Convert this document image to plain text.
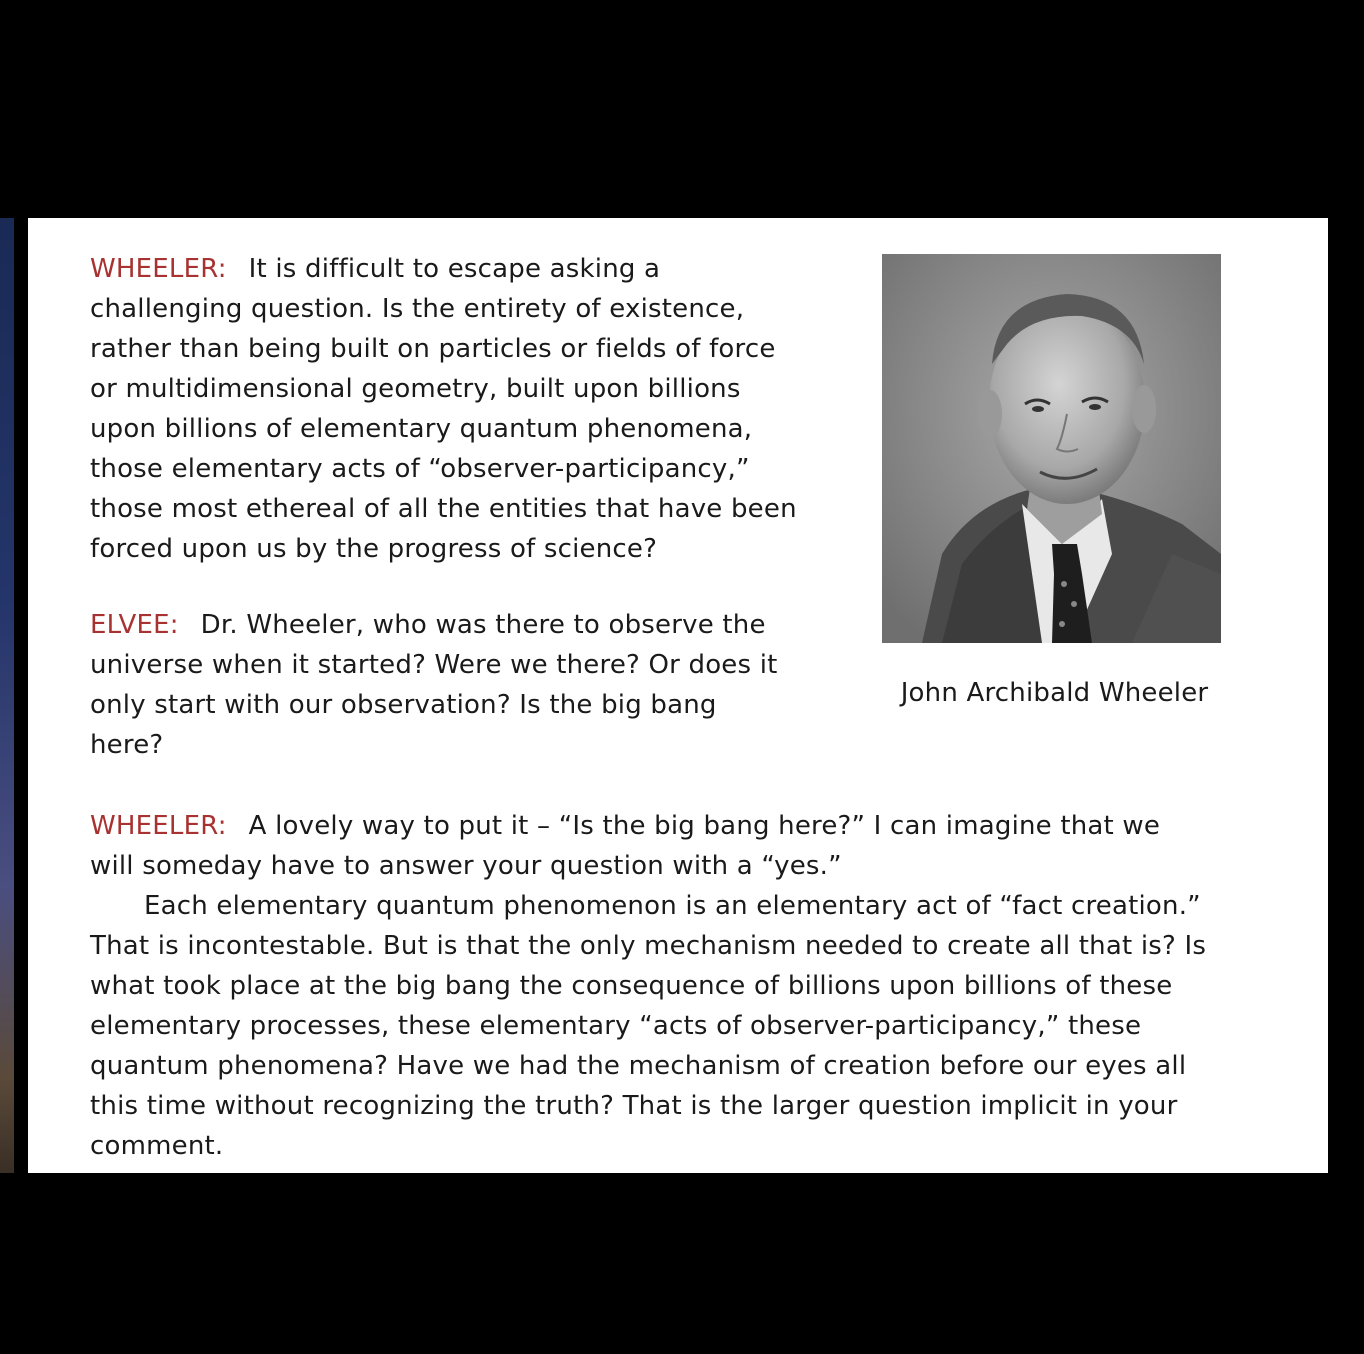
WHEELER: It is difficult to escape asking a
challenging question. Is the entirety of existence,
rather than being built on particles or fields of force
or multidimensional geometry, built upon billions
upon billions of elementary quantum phenomena,
those elementary acts of “observer-participancy,”
those most ethereal of all the entities that have been
forced upon us by the progress of science?
ELVEE: Dr. Wheeler, who was there to observe the
universe when it started? Were we there? Or does it
only start with our observation? Is the big bang
here?
WHEELER: A lovely way to put it – “Is the big bang here?” I can imagine that we
will someday have to answer your question with a “yes.”
Each elementary quantum phenomenon is an elementary act of “fact creation.”
That is incontestable. But is that the only mechanism needed to create all that is? Is
what took place at the big bang the consequence of billions upon billions of these
elementary processes, these elementary “acts of observer-participancy,” these
quantum phenomena? Have we had the mechanism of creation before our eyes all
this time without recognizing the truth? That is the larger question implicit in your
comment.
John Archibald Wheeler
